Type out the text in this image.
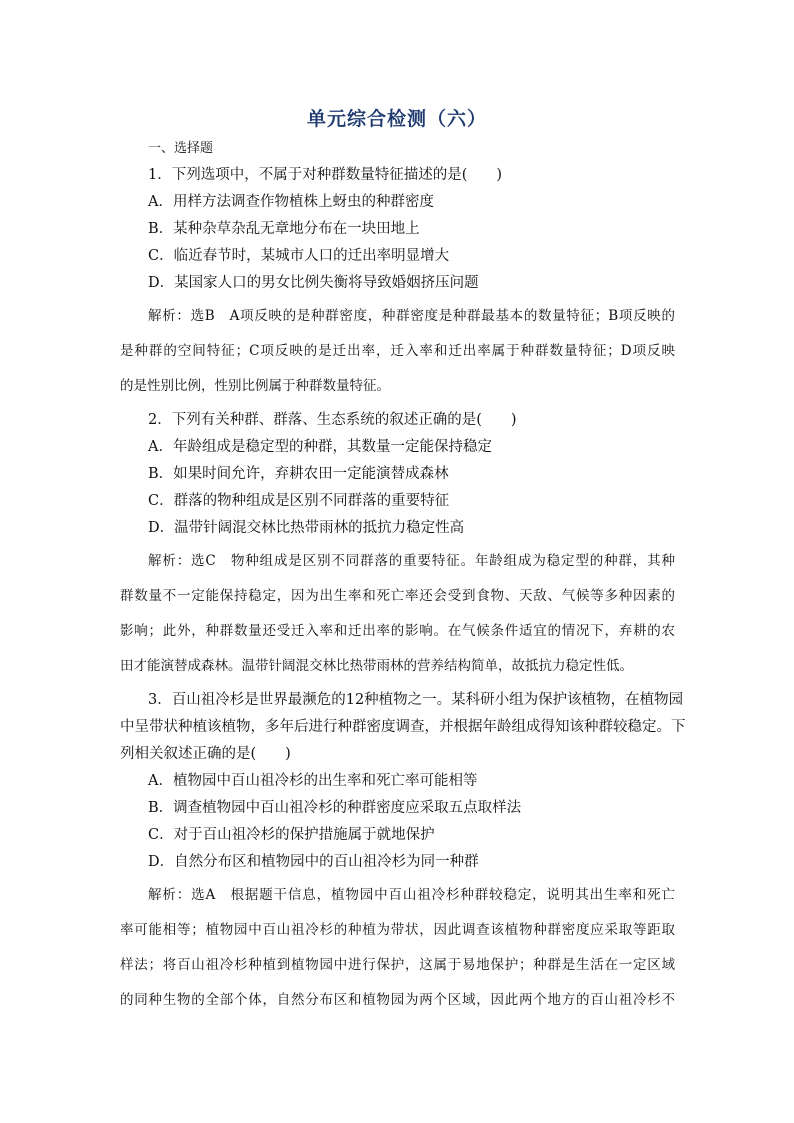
单元综合检测（六）
一、选择题
1．下列选项中，不属于对种群数量特征描述的是(　　)
A．用样方法调查作物植株上蚜虫的种群密度
B．某种杂草杂乱无章地分布在一块田地上
C．临近春节时，某城市人口的迁出率明显增大
D．某国家人口的男女比例失衡将导致婚姻挤压问题
解析：选B　A项反映的是种群密度，种群密度是种群最基本的数量特征；B项反映的
是种群的空间特征；C项反映的是迁出率，迁入率和迁出率属于种群数量特征；D项反映
的是性别比例，性别比例属于种群数量特征。
2．下列有关种群、群落、生态系统的叙述正确的是(　　)
A．年龄组成是稳定型的种群，其数量一定能保持稳定
B．如果时间允许，弃耕农田一定能演替成森林
C．群落的物种组成是区别不同群落的重要特征
D．温带针阔混交林比热带雨林的抵抗力稳定性高
解析：选C　物种组成是区别不同群落的重要特征。年龄组成为稳定型的种群，其种
群数量不一定能保持稳定，因为出生率和死亡率还会受到食物、天敌、气候等多种因素的
影响；此外，种群数量还受迁入率和迁出率的影响。在气候条件适宜的情况下，弃耕的农
田才能演替成森林。温带针阔混交林比热带雨林的营养结构简单，故抵抗力稳定性低。
3．百山祖冷杉是世界最濒危的12种植物之一。某科研小组为保护该植物，在植物园
中呈带状种植该植物，多年后进行种群密度调查，并根据年龄组成得知该种群较稳定。下
列相关叙述正确的是(　　)
A．植物园中百山祖冷杉的出生率和死亡率可能相等
B．调查植物园中百山祖冷杉的种群密度应采取五点取样法
C．对于百山祖冷杉的保护措施属于就地保护
D．自然分布区和植物园中的百山祖冷杉为同一种群
解析：选A　根据题干信息，植物园中百山祖冷杉种群较稳定，说明其出生率和死亡
率可能相等；植物园中百山祖冷杉的种植为带状，因此调查该植物种群密度应采取等距取
样法；将百山祖冷杉种植到植物园中进行保护，这属于易地保护；种群是生活在一定区域
的同种生物的全部个体，自然分布区和植物园为两个区域，因此两个地方的百山祖冷杉不
